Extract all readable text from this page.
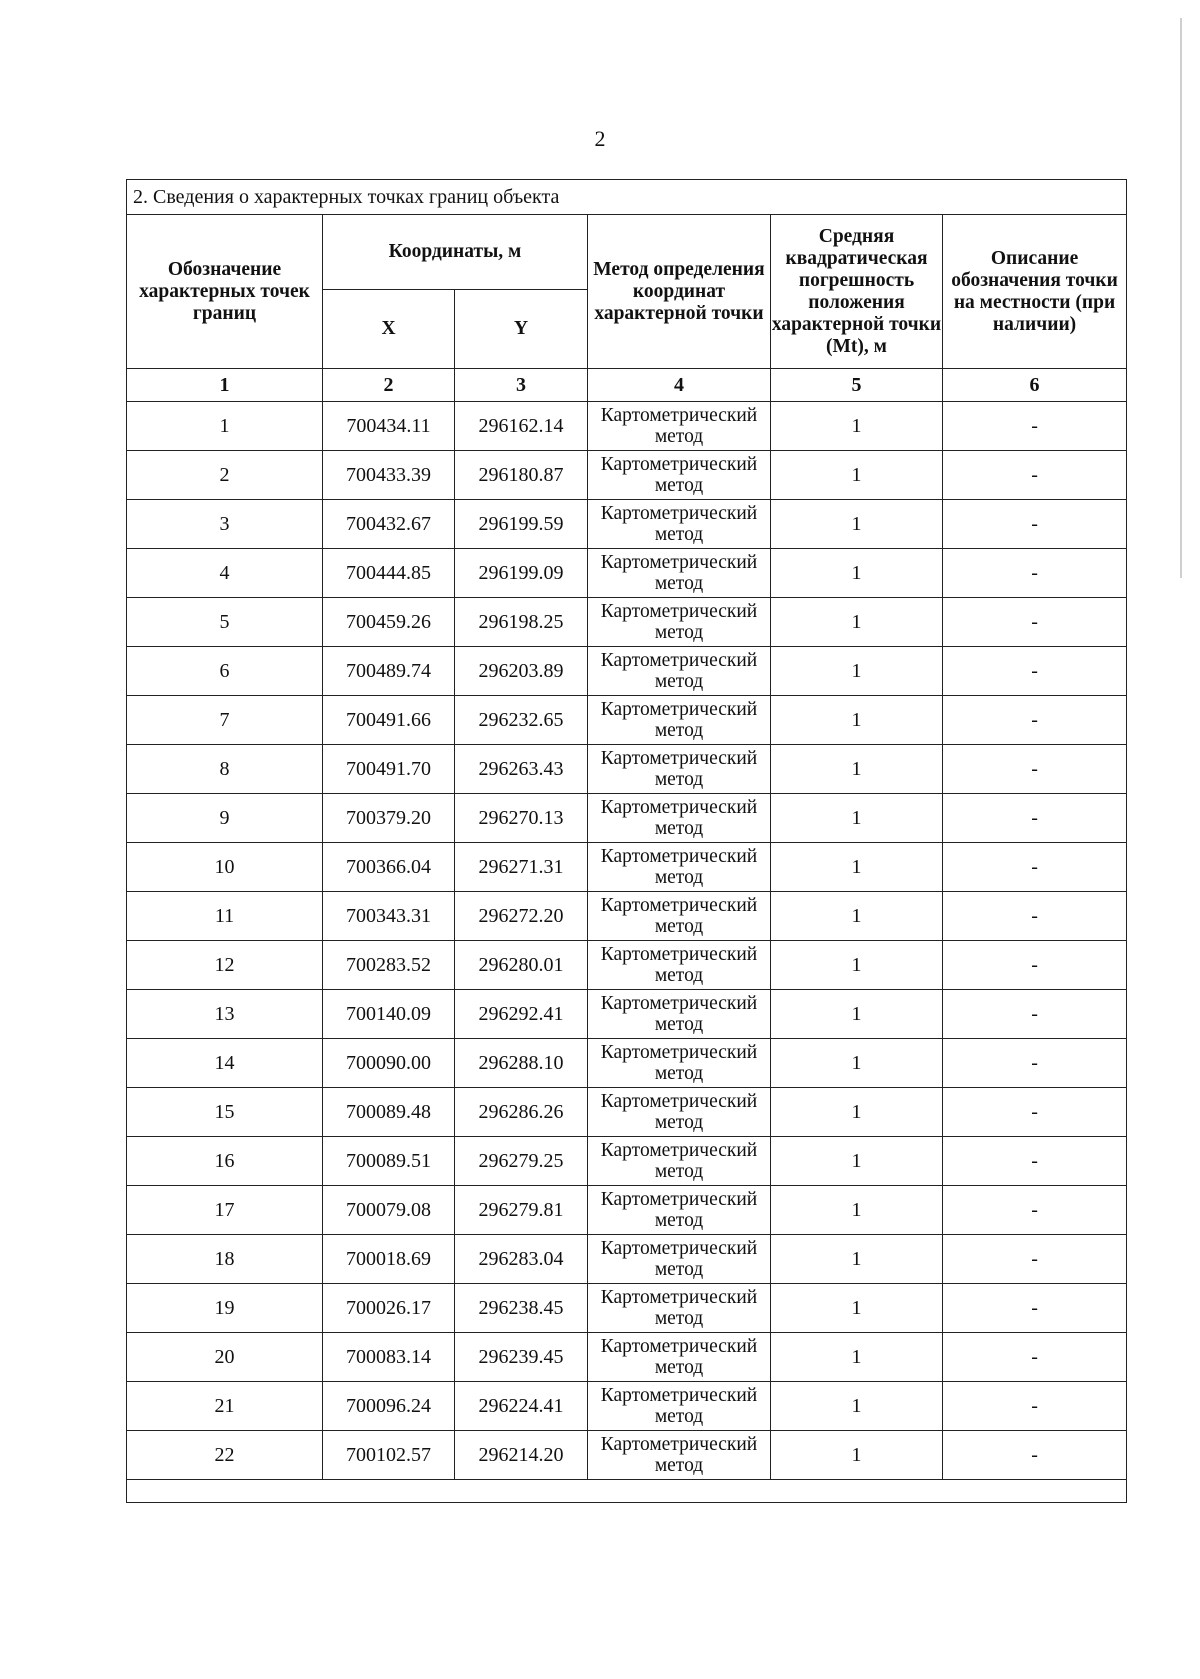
2
2. Сведения о характерных точках границ объекта					
Обозначение характерных точек границ	Координаты, м		Метод определения координат характерной точки	Средняя квадратическая погрешность положения характерной точки (Mt), м	Описание обозначения точки на местности (при наличии)
	X	Y			
1	2	3	4	5	6
1	700434.11	296162.14	Картометрический метод	1	-
2	700433.39	296180.87	Картометрический метод	1	-
3	700432.67	296199.59	Картометрический метод	1	-
4	700444.85	296199.09	Картометрический метод	1	-
5	700459.26	296198.25	Картометрический метод	1	-
6	700489.74	296203.89	Картометрический метод	1	-
7	700491.66	296232.65	Картометрический метод	1	-
8	700491.70	296263.43	Картометрический метод	1	-
9	700379.20	296270.13	Картометрический метод	1	-
10	700366.04	296271.31	Картометрический метод	1	-
11	700343.31	296272.20	Картометрический метод	1	-
12	700283.52	296280.01	Картометрический метод	1	-
13	700140.09	296292.41	Картометрический метод	1	-
14	700090.00	296288.10	Картометрический метод	1	-
15	700089.48	296286.26	Картометрический метод	1	-
16	700089.51	296279.25	Картометрический метод	1	-
17	700079.08	296279.81	Картометрический метод	1	-
18	700018.69	296283.04	Картометрический метод	1	-
19	700026.17	296238.45	Картометрический метод	1	-
20	700083.14	296239.45	Картометрический метод	1	-
21	700096.24	296224.41	Картометрический метод	1	-
22	700102.57	296214.20	Картометрический метод	1	-
